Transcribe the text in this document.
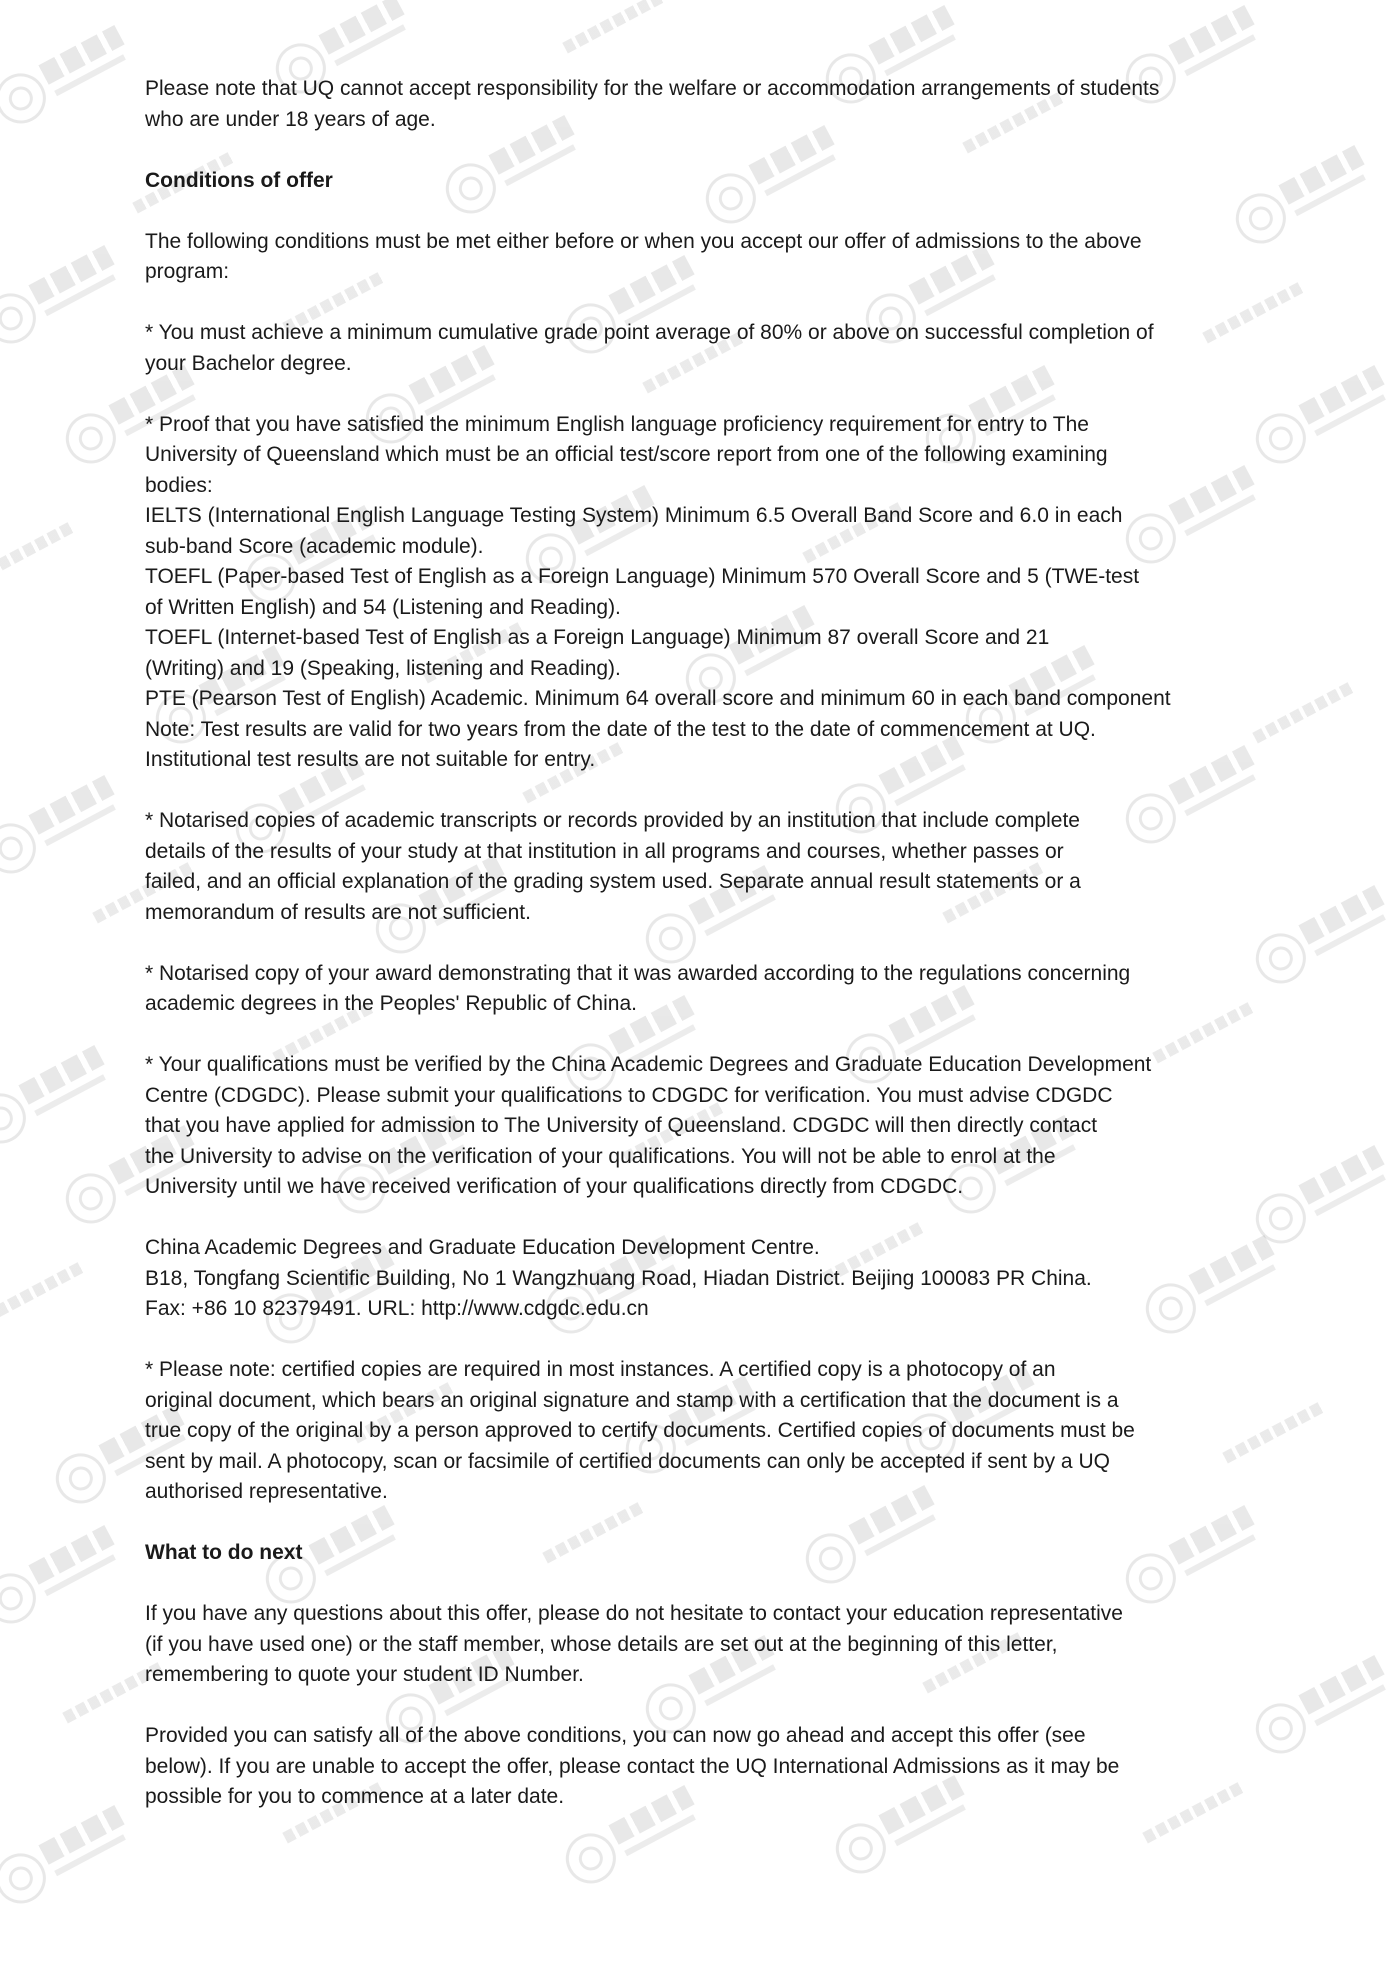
Please note that UQ cannot accept responsibility for the welfare or accommodation arrangements of students
who are under 18 years of age.
Conditions of offer
The following conditions must be met either before or when you accept our offer of admissions to the above
program:
* You must achieve a minimum cumulative grade point average of 80% or above on successful completion of
your Bachelor degree.
* Proof that you have satisfied the minimum English language proficiency requirement for entry to The
University of Queensland which must be an official test/score report from one of the following examining
bodies:
IELTS (International English Language Testing System) Minimum 6.5 Overall Band Score and 6.0 in each
sub-band Score (academic module).
TOEFL (Paper-based Test of English as a Foreign Language) Minimum 570 Overall Score and 5 (TWE-test
of Written English) and 54 (Listening and Reading).
TOEFL (Internet-based Test of English as a Foreign Language) Minimum 87 overall Score and 21
(Writing) and 19 (Speaking, listening and Reading).
PTE (Pearson Test of English) Academic. Minimum 64 overall score and minimum 60 in each band component
Note: Test results are valid for two years from the date of the test to the date of commencement at UQ.
Institutional test results are not suitable for entry.
* Notarised copies of academic transcripts or records provided by an institution that include complete
details of the results of your study at that institution in all programs and courses, whether passes or
failed, and an official explanation of the grading system used. Separate annual result statements or a
memorandum of results are not sufficient.
* Notarised copy of your award demonstrating that it was awarded according to the regulations concerning
academic degrees in the Peoples' Republic of China.
* Your qualifications must be verified by the China Academic Degrees and Graduate Education Development
Centre (CDGDC). Please submit your qualifications to CDGDC for verification. You must advise CDGDC
that you have applied for admission to The University of Queensland. CDGDC will then directly contact
the University to advise on the verification of your qualifications. You will not be able to enrol at the
University until we have received verification of your qualifications directly from CDGDC.
China Academic Degrees and Graduate Education Development Centre.
B18, Tongfang Scientific Building, No 1 Wangzhuang Road, Hiadan District. Beijing 100083 PR China.
Fax: +86 10 82379491. URL: http://www.cdgdc.edu.cn
* Please note: certified copies are required in most instances. A certified copy is a photocopy of an
original document, which bears an original signature and stamp with a certification that the document is a
true copy of the original by a person approved to certify documents. Certified copies of documents must be
sent by mail. A photocopy, scan or facsimile of certified documents can only be accepted if sent by a UQ
authorised representative.
What to do next
If you have any questions about this offer, please do not hesitate to contact your education representative
(if you have used one) or the staff member, whose details are set out at the beginning of this letter,
remembering to quote your student ID Number.
Provided you can satisfy all of the above conditions, you can now go ahead and accept this offer (see
below). If you are unable to accept the offer, please contact the UQ International Admissions as it may be
possible for you to commence at a later date.
